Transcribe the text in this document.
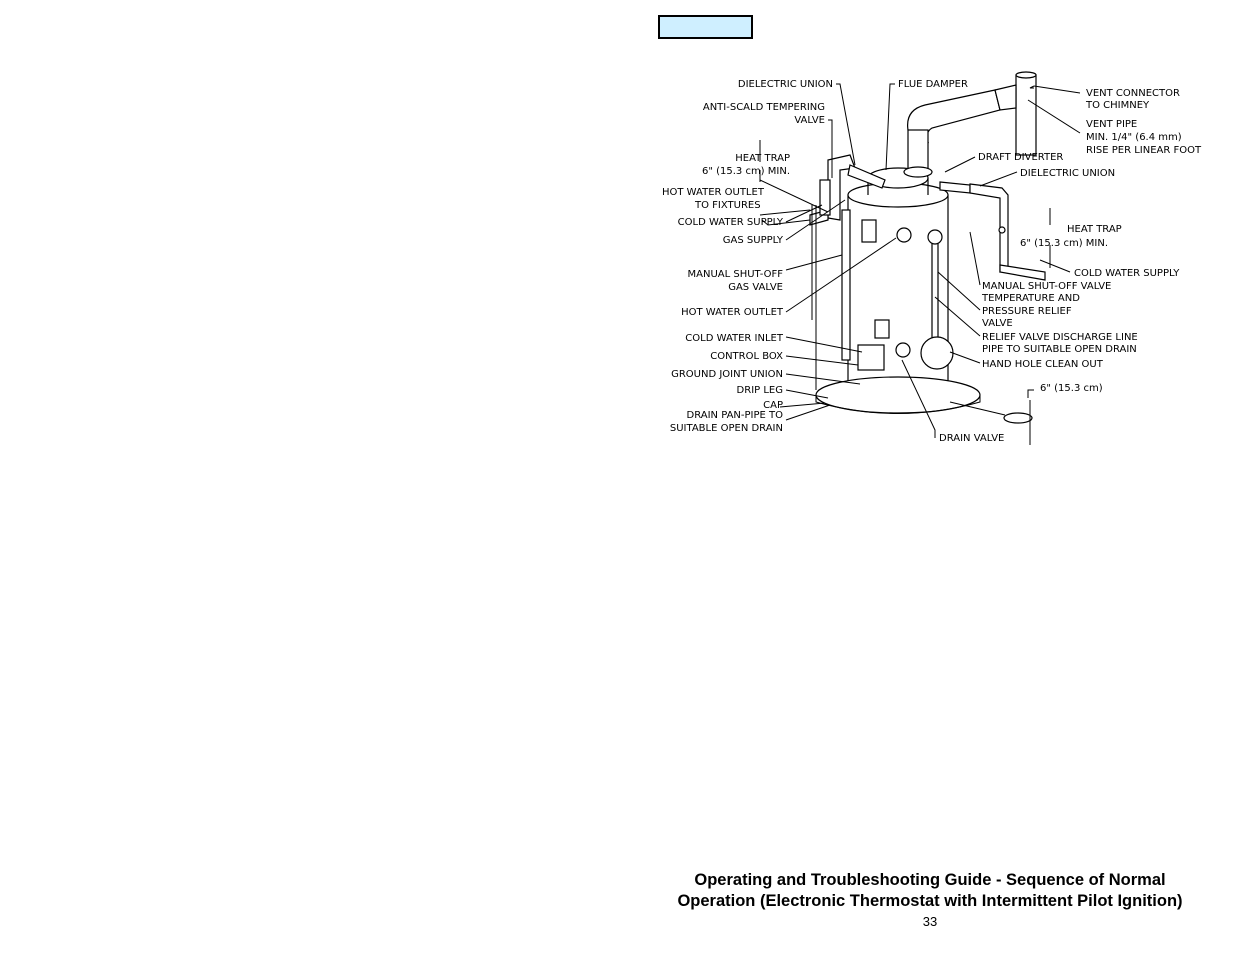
DIELECTRIC UNION	FLUE DAMPER
ANTI-SCALD TEMPERING
VALVE
HEAT TRAP
6" (15.3 cm) MIN.
HOT WATER OUTLET
TO FIXTURES
COLD WATER SUPPLY
GAS SUPPLY
MANUAL SHUT-OFF
GAS VALVE
HOT WATER OUTLET
COLD WATER INLET
CONTROL BOX
GROUND JOINT UNION
DRIP LEG
CAP
DRAIN PAN-PIPE TO
SUITABLE OPEN DRAIN
VENT CONNECTOR
TO CHIMNEY
VENT PIPE
MIN. 1/4" (6.4 mm)
RISE PER LINEAR FOOT
DRAFT DIVERTER
DIELECTRIC UNION
HEAT TRAP
6" (15.3 cm) MIN.
COLD WATER SUPPLY
MANUAL SHUT-OFF VALVE
TEMPERATURE AND
PRESSURE RELIEF
VALVE
RELIEF VALVE DISCHARGE LINE
PIPE TO SUITABLE OPEN DRAIN
HAND HOLE CLEAN OUT
6" (15.3 cm)
DRAIN VALVE

Operating and Troubleshooting Guide - Sequence of Normal

Operation (Electronic Thermostat with Intermittent Pilot Ignition)

33
